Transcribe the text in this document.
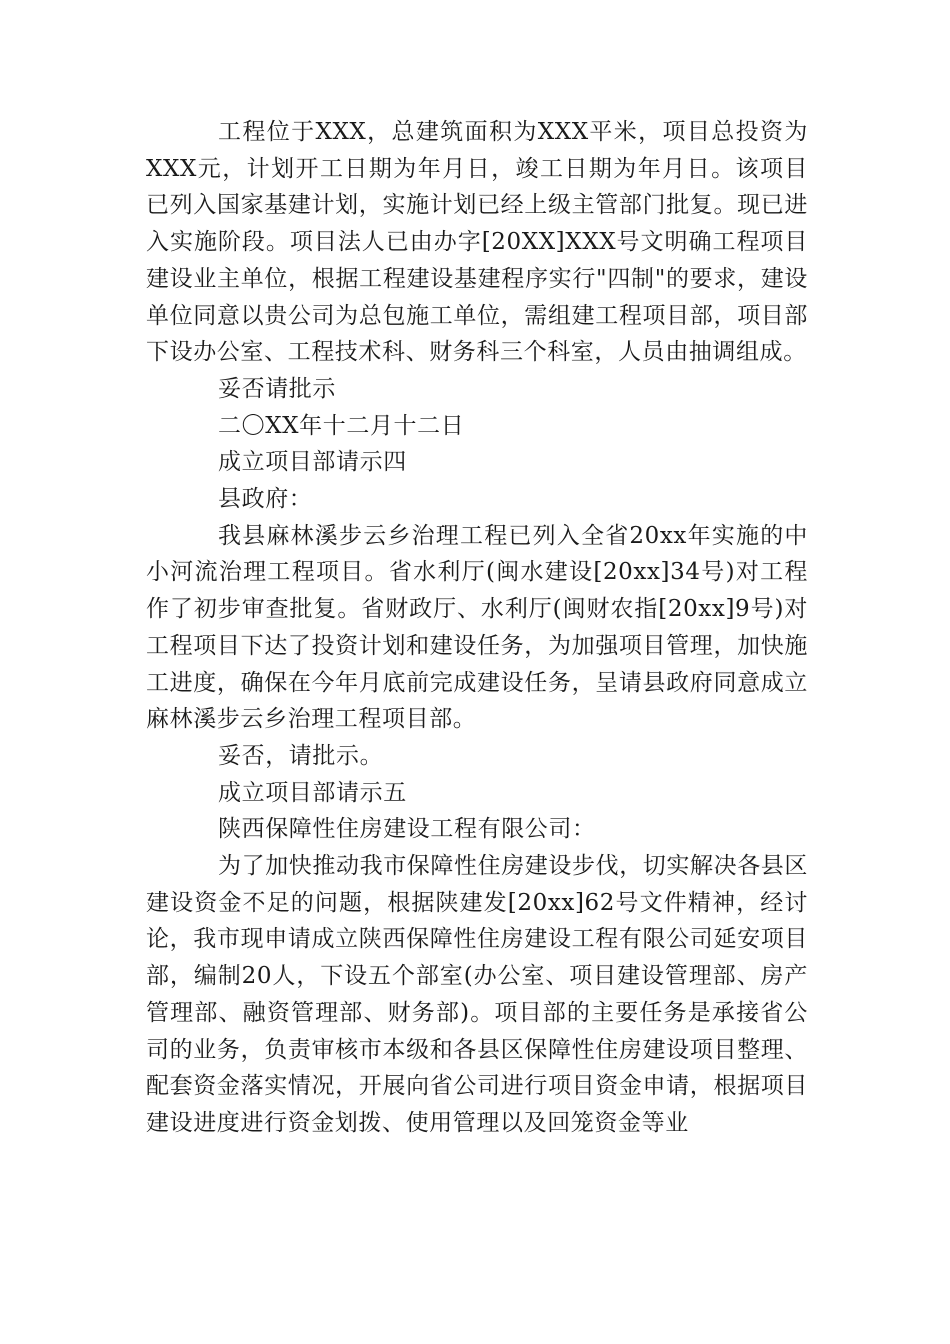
工程位于XXX，总建筑面积为XXX平米，项目总投资为XXX元，计划开工日期为年月日，竣工日期为年月日。该项目已列入国家基建计划，实施计划已经上级主管部门批复。现已进入实施阶段。项目法人已由办字[20XX]XXX号文明确工程项目建设业主单位，根据工程建设基建程序实行"四制"的要求，建设单位同意以贵公司为总包施工单位，需组建工程项目部，项目部下设办公室、工程技术科、财务科三个科室，人员由抽调组成。

妥否请批示

二〇XX年十二月十二日

成立项目部请示四

县政府：

我县麻林溪步云乡治理工程已列入全省20xx年实施的中小河流治理工程项目。省水利厅(闽水建设[20xx]34号)对工程作了初步审查批复。省财政厅、水利厅(闽财农指[20xx]9号)对工程项目下达了投资计划和建设任务，为加强项目管理，加快施工进度，确保在今年月底前完成建设任务，呈请县政府同意成立麻林溪步云乡治理工程项目部。

妥否，请批示。

成立项目部请示五

陕西保障性住房建设工程有限公司：

为了加快推动我市保障性住房建设步伐，切实解决各县区建设资金不足的问题，根据陕建发[20xx]62号文件精神，经讨论，我市现申请成立陕西保障性住房建设工程有限公司延安项目部，编制20人，下设五个部室(办公室、项目建设管理部、房产管理部、融资管理部、财务部)。项目部的主要任务是承接省公司的业务，负责审核市本级和各县区保障性住房建设项目整理、配套资金落实情况，开展向省公司进行项目资金申请，根据项目建设进度进行资金划拨、使用管理以及回笼资金等业
